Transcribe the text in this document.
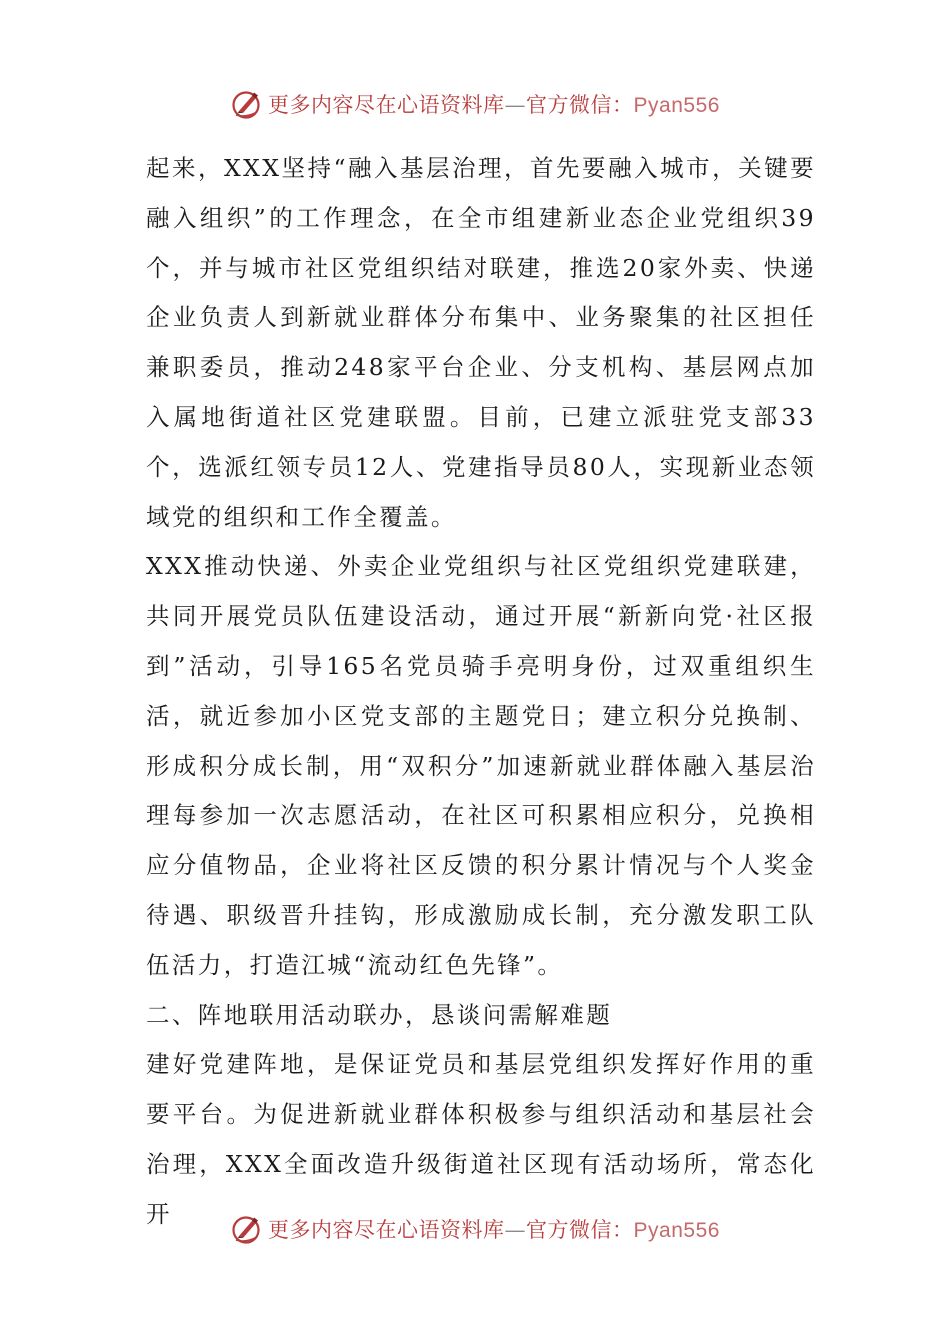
更多内容尽在心语资料库—官方微信：Pyan556

起来，XXX坚持“融入基层治理，首先要融入城市，关键要融入组织”的工作理念，在全市组建新业态企业党组织39个，并与城市社区党组织结对联建，推选20家外卖、快递企业负责人到新就业群体分布集中、业务聚集的社区担任兼职委员，推动248家平台企业、分支机构、基层网点加入属地街道社区党建联盟。目前，已建立派驻党支部33个，选派红领专员12人、党建指导员80人，实现新业态领域党的组织和工作全覆盖。

XXX推动快递、外卖企业党组织与社区党组织党建联建，共同开展党员队伍建设活动，通过开展“新新向党·社区报到”活动，引导165名党员骑手亮明身份，过双重组织生活，就近参加小区党支部的主题党日；建立积分兑换制、形成积分成长制，用“双积分”加速新就业群体融入基层治理每参加一次志愿活动，在社区可积累相应积分，兑换相应分值物品，企业将社区反馈的积分累计情况与个人奖金待遇、职级晋升挂钩，形成激励成长制，充分激发职工队伍活力，打造江城“流动红色先锋”。

二、阵地联用活动联办，恳谈问需解难题

建好党建阵地，是保证党员和基层党组织发挥好作用的重要平台。为促进新就业群体积极参与组织活动和基层社会治理，XXX全面改造升级街道社区现有活动场所，常态化开

更多内容尽在心语资料库—官方微信：Pyan556
